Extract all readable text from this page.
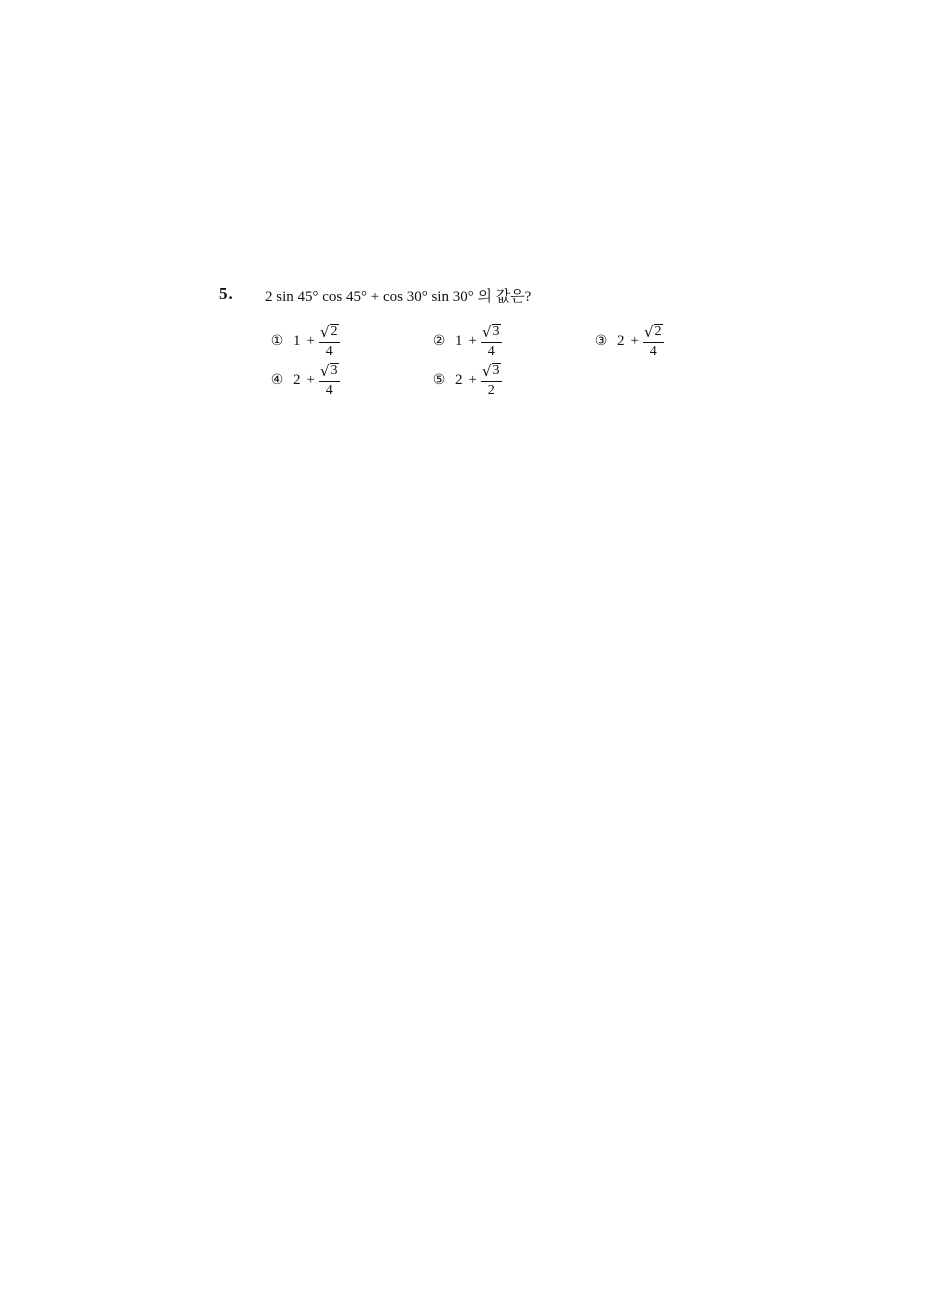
5. 2 sin 45° cos 45° + cos 30° sin 30° 의 값은?
① $1 + \frac{√ 2}{4}$	② $1 + \frac{√ 3}{4}$	③ $2 + \frac{√ 2}{4}$
④ $2 + \frac{√ 3}{4}$	⑤ $2 + \frac{√ 3}{2}$
